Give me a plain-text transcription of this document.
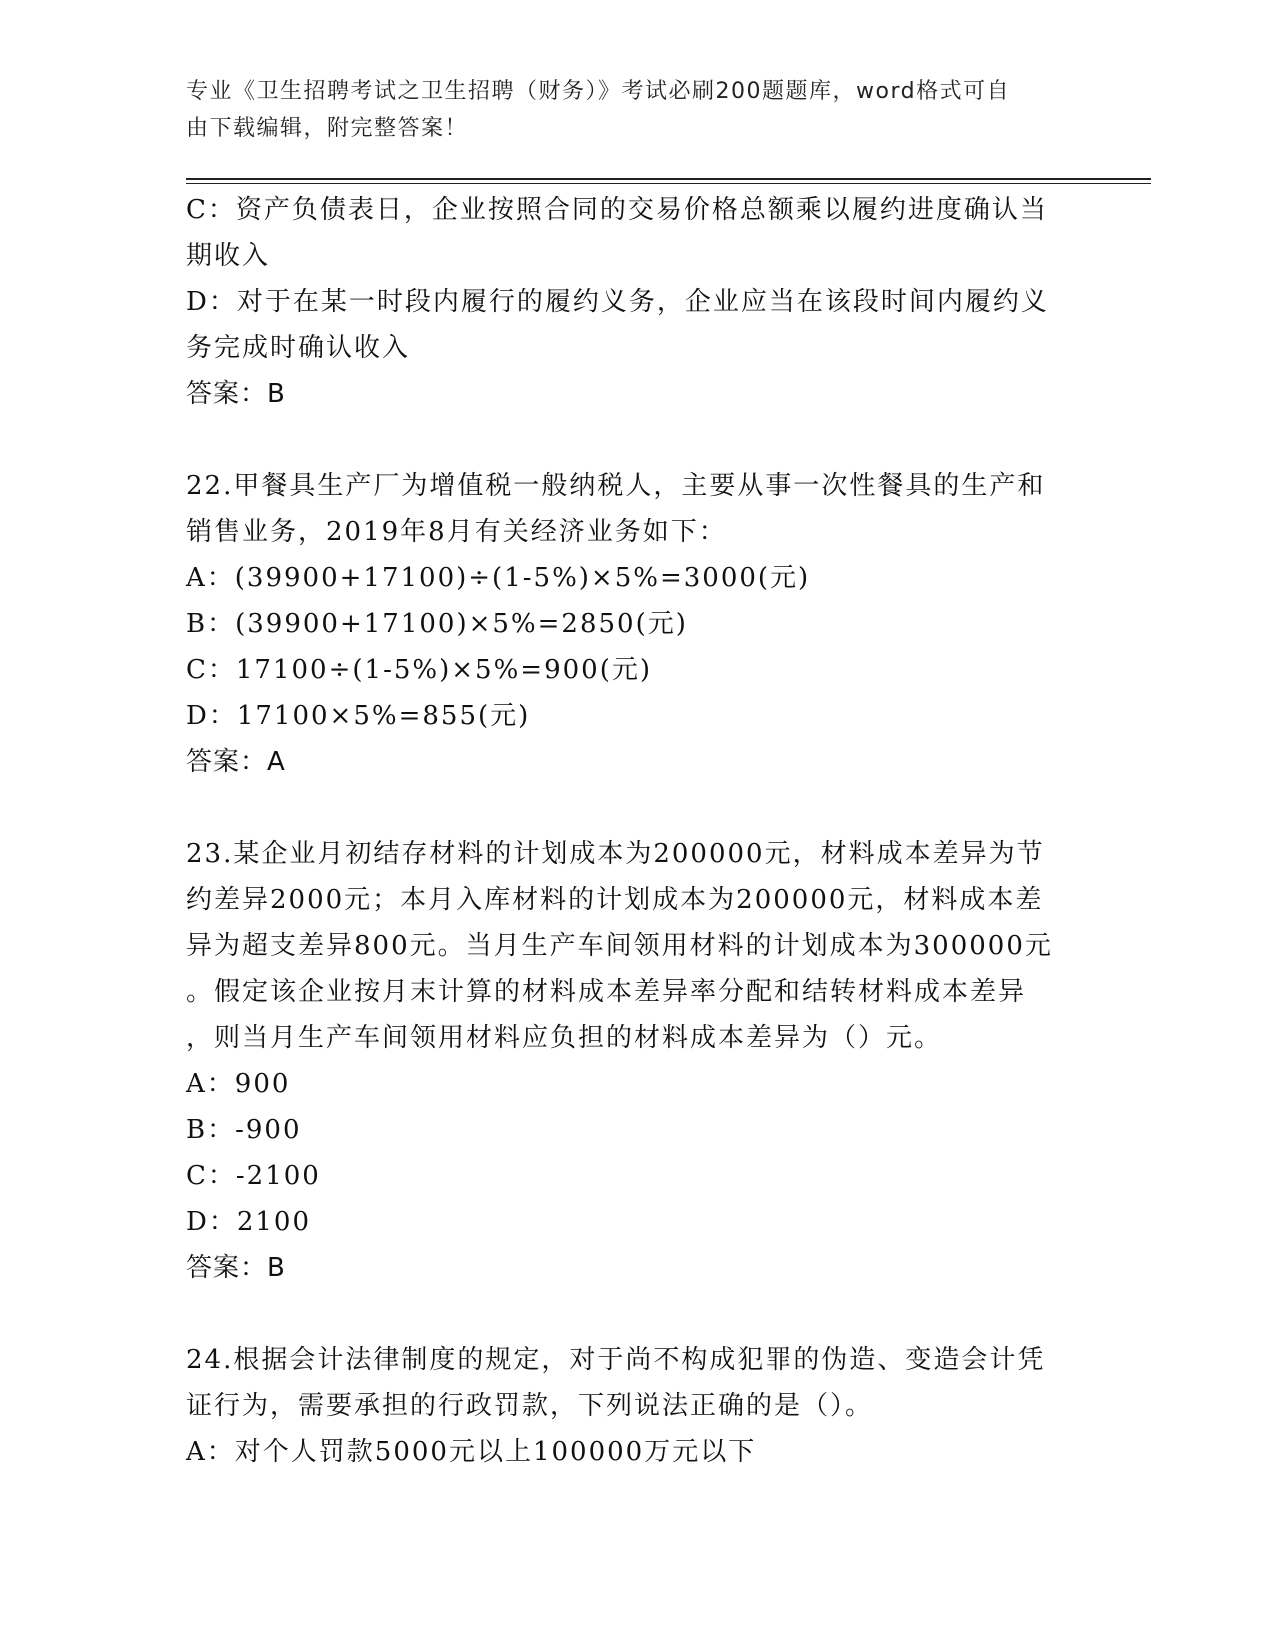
专业《卫生招聘考试之卫生招聘（财务）》考试必刷200题题库，word格式可自
由下载编辑，附完整答案！

C：资产负债表日，企业按照合同的交易价格总额乘以履约进度确认当

期收入

D：对于在某一时段内履行的履约义务，企业应当在该段时间内履约义

务完成时确认收入

答案：B

22.甲餐具生产厂为增值税一般纳税人，主要从事一次性餐具的生产和

销售业务，2019年8月有关经济业务如下：

A：(39900+17100)÷(1-5%)×5%=3000(元)

B：(39900+17100)×5%=2850(元)

C：17100÷(1-5%)×5%=900(元)

D：17100×5%=855(元)

答案：A

23.某企业月初结存材料的计划成本为200000元，材料成本差异为节

约差异2000元；本月入库材料的计划成本为200000元，材料成本差

异为超支差异800元。当月生产车间领用材料的计划成本为300000元

。假定该企业按月末计算的材料成本差异率分配和结转材料成本差异

，则当月生产车间领用材料应负担的材料成本差异为（）元。

A：900

B：-900

C：-2100

D：2100

答案：B

24.根据会计法律制度的规定，对于尚不构成犯罪的伪造、变造会计凭

证行为，需要承担的行政罚款，下列说法正确的是（）。

A：对个人罚款5000元以上100000万元以下
